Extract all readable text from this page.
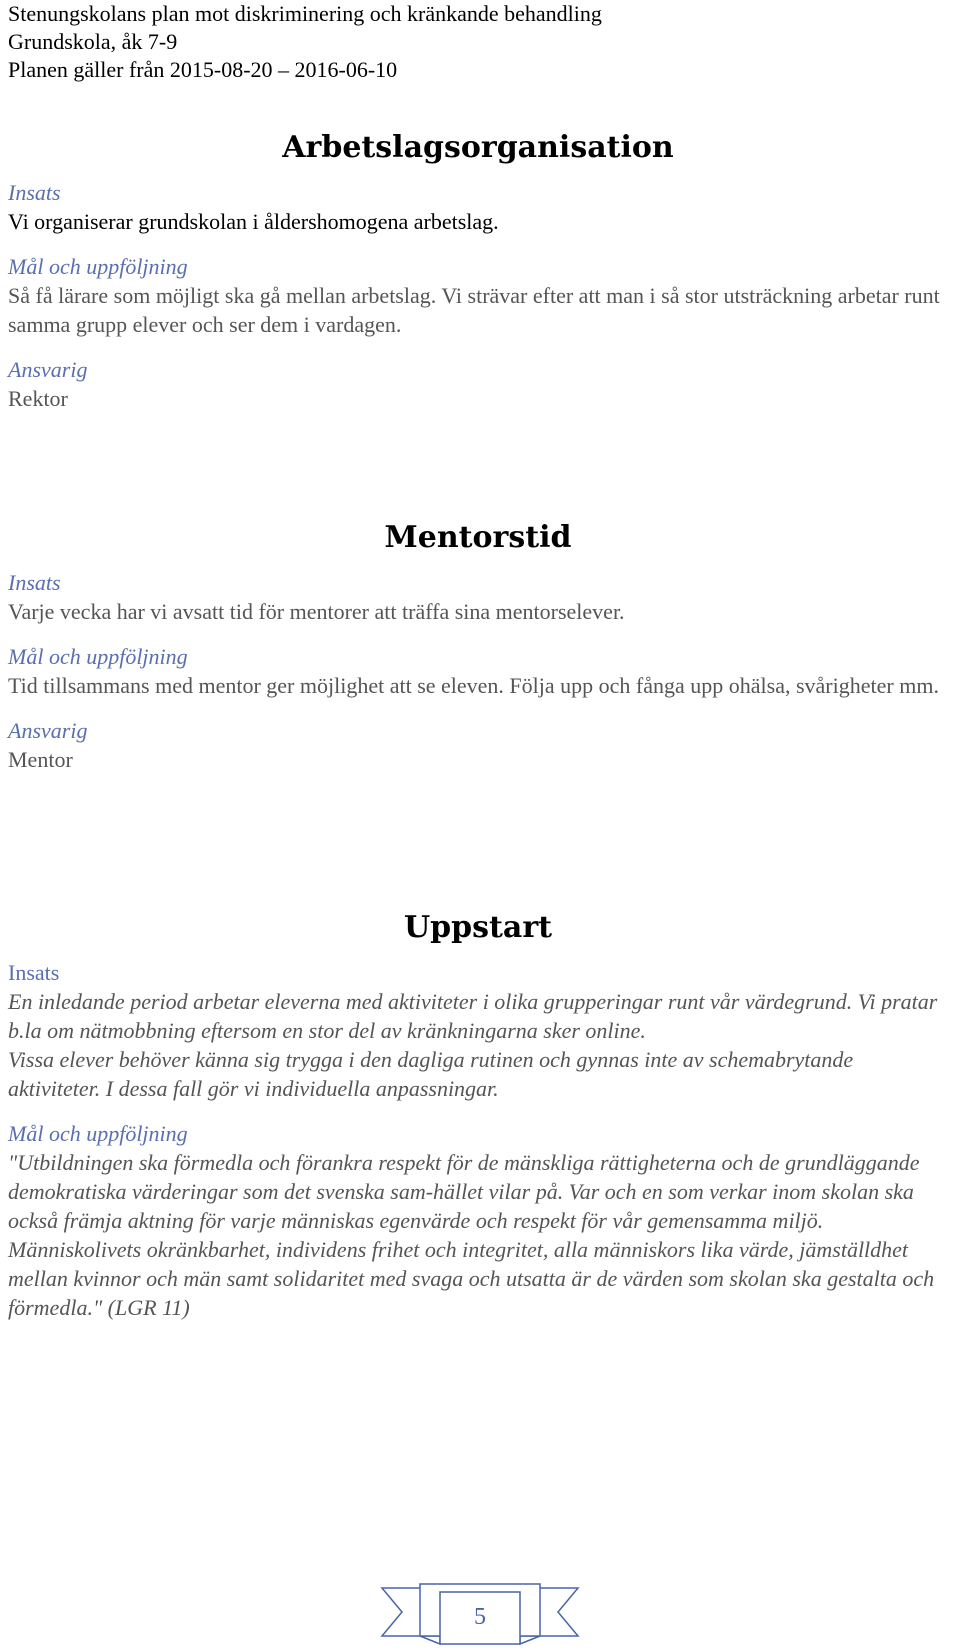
Stenungskolans plan mot diskriminering och kränkande behandling
Grundskola, åk 7-9
Planen gäller från 2015-08-20 – 2016-06-10
Arbetslagsorganisation
Insats

Vi organiserar grundskolan i åldershomogena arbetslag.

Mål och uppföljning

Så få lärare som möjligt ska gå mellan arbetslag. Vi strävar efter att man i så stor utsträckning arbetar runt samma grupp elever och ser dem i vardagen.

Ansvarig

Rektor

Mentorstid
Insats

Varje vecka har vi avsatt tid för mentorer att träffa sina mentorselever.

Mål och uppföljning

Tid tillsammans med mentor ger möjlighet att se eleven. Följa upp och fånga upp ohälsa, svårigheter mm.

Ansvarig

Mentor

Uppstart
Insats

En inledande period arbetar eleverna med aktiviteter i olika grupperingar runt vår värdegrund. Vi pratar b.la om nätmobbning eftersom en stor del av kränkningarna sker online.

Vissa elever behöver känna sig trygga i den dagliga rutinen och gynnas inte av schemabrytande aktiviteter. I dessa fall gör vi individuella anpassningar.

Mål och uppföljning

"Utbildningen ska förmedla och förankra respekt för de mänskliga rättigheterna och de grundläggande demokratiska värderingar som det svenska sam-hället vilar på. Var och en som verkar inom skolan ska också främja aktning för varje människas egenvärde och respekt för vår gemensamma miljö.

Människolivets okränkbarhet, individens frihet och integritet, alla människors lika värde, jämställdhet mellan kvinnor och män samt solidaritet med svaga och utsatta är de värden som skolan ska gestalta och förmedla." (LGR 11)

5
